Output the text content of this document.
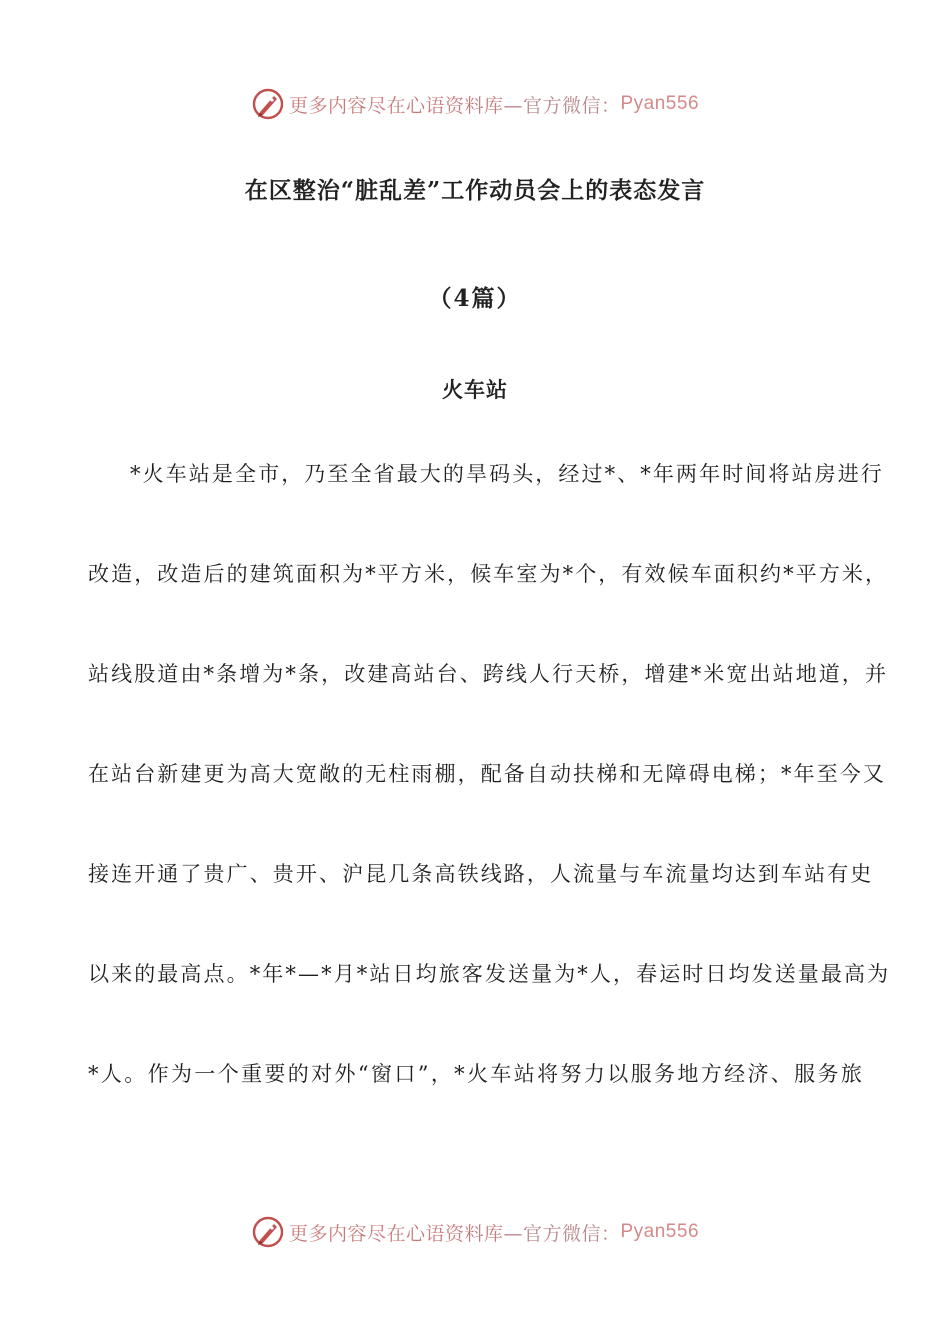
更多内容尽在心语资料库 —官方微信： Pyan556
在区整治“脏乱差”工作动员会上的表态发言
（4篇）
火车站
*火车站是全市，乃至全省最大的旱码头，经过*、*年两年时间将站房进行
改造，改造后的建筑面积为*平方米，候车室为*个，有效候车面积约*平方米，
站线股道由*条增为*条，改建高站台、跨线人行天桥，增建*米宽出站地道，并
在站台新建更为高大宽敞的无柱雨棚，配备自动扶梯和无障碍电梯；*年至今又
接连开通了贵广、贵开、沪昆几条高铁线路，人流量与车流量均达到车站有史
以来的最高点。*年*—*月*站日均旅客发送量为*人，春运时日均发送量最高为
*人。作为一个重要的对外“窗口”，*火车站将努力以服务地方经济、服务旅
更多内容尽在心语资料库 —官方微信： Pyan556
